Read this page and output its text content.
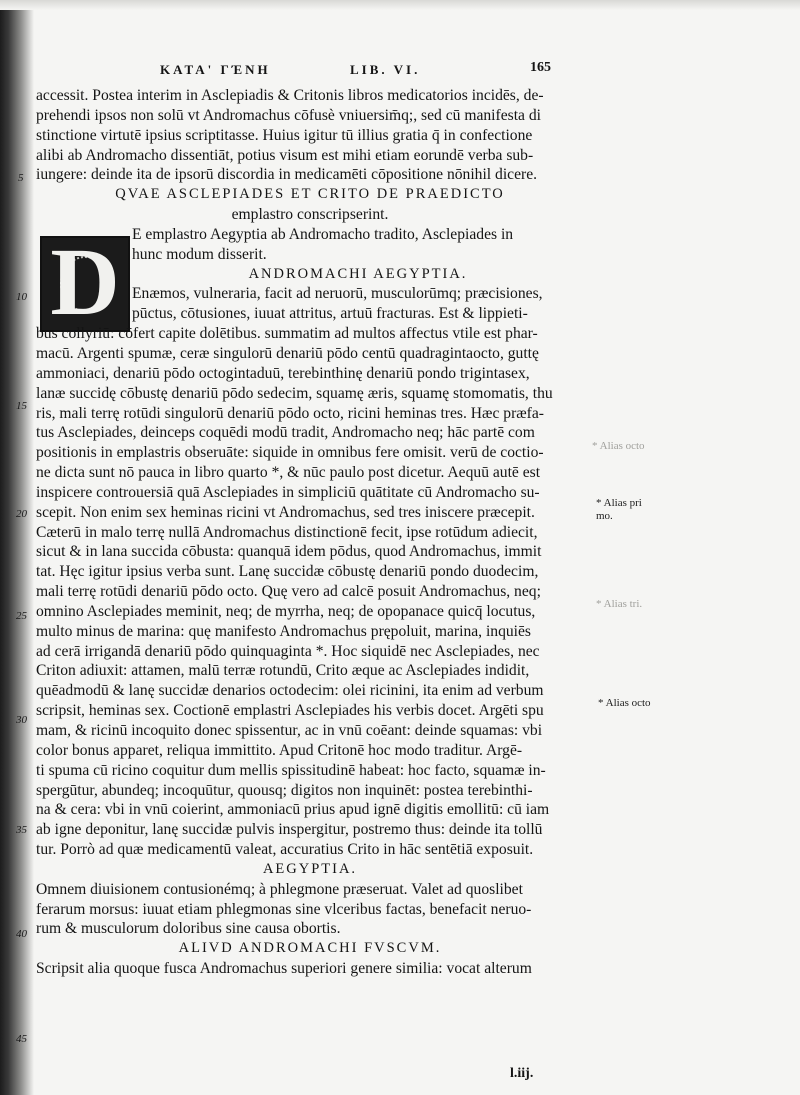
KATA' ΓΈΝΗ	LIB. VI.	165
D
accessit. Postea interim in Asclepiadis & Critonis libros medicatorios incidēs, de-
prehendi ipsos non solū vt Andromachus cōfusè vniuersim̄q;, sed cū manifesta di
stinctione virtutē ipsius scriptitasse. Huius igitur tū illius gratia q̄ in confectione
alibi ab Andromacho dissentiāt, potius visum est mihi etiam eorundē verba sub-
iungere: deinde ita de ipsorū discordia in medicamēti cōpositione nōnihil dicere.
QVAE ASCLEPIADES ET CRITO DE PRAEDICTO
emplastro conscripserint.
E emplastro Aegyptia ab Andromacho tradito, Asclepiades in
hunc modum disserit.
ANDROMACHI AEGYPTIA.
Enæmos, vulneraria, facit ad neruorū, musculorūmq; præcisiones,
pūctus, cōtusiones, iuuat attritus, artuū fracturas. Est & lippieti-
bus collyriū: cōfert capite dolētibus. summatim ad multos affectus vtile est phar-
macū. Argenti spumæ, ceræ singulorū denariū pōdo centū quadragintaocto, guttę
ammoniaci, denariū pōdo octogintaduū, terebinthinę denariū pondo trigintasex,
lanæ succidę cōbustę denariū pōdo sedecim, squamę æris, squamę stomomatis, thu
ris, mali terrę rotūdi singulorū denariū pōdo octo, ricini heminas tres. Hæc præfa-
tus Asclepiades, deinceps coquēdi modū tradit, Andromacho neq; hāc partē com
positionis in emplastris obseruāte: siquide in omnibus fere omisit. verū de coctio-
ne dicta sunt nō pauca in libro quarto *, & nūc paulo post dicetur. Aequū autē est
inspicere controuersiā quā Asclepiades in simpliciū quātitate cū Andromacho su-
scepit. Non enim sex heminas ricini vt Andromachus, sed tres iniscere præcepit.
Cæterū in malo terrę nullā Andromachus distinctionē fecit, ipse rotūdum adiecit,
sicut & in lana succida cōbusta: quanquā idem pōdus, quod Andromachus, immit
tat. Hęc igitur ipsius verba sunt. Lanę succidæ cōbustę denariū pondo duodecim,
mali terrę rotūdi denariū pōdo octo. Quę vero ad calcē posuit Andromachus, neq;
omnino Asclepiades meminit, neq; de myrrha, neq; de opopanace quicq̄ locutus,
multo minus de marina: quę manifesto Andromachus prępoluit, marina, inquiēs
ad cerā irrigandā denariū pōdo quinquaginta *. Hoc siquidē nec Asclepiades, nec
Criton adiuxit: attamen, malū terræ rotundū, Crito æque ac Asclepiades indidit,
quēadmodū & lanę succidæ denarios octodecim: olei ricinini, ita enim ad verbum
scripsit, heminas sex. Coctionē emplastri Asclepiades his verbis docet. Argēti spu
mam, & ricinū incoquito donec spissentur, ac in vnū coēant: deinde squamas: vbi
color bonus apparet, reliqua immittito. Apud Critonē hoc modo traditur. Argē-
ti spuma cū ricino coquitur dum mellis spissitudinē habeat: hoc facto, squamæ in-
spergūtur, abundeq; incoquūtur, quousq; digitos non inquinēt: postea terebinthi-
na & cera: vbi in vnū coierint, ammoniacū prius apud ignē digitis emollitū: cū iam
ab igne deponitur, lanę succidæ pulvis inspergitur, postremo thus: deinde ita tollū
tur. Porrò ad quæ medicamentū valeat, accuratius Crito in hāc sentētiā exposuit.
AEGYPTIA.
Omnem diuisionem contusionémq; à phlegmone præseruat. Valet ad quoslibet
ferarum morsus: iuuat etiam phlegmonas sine vlceribus factas, benefacit neruo-
rum & musculorum doloribus sine causa obortis.
ALIVD ANDROMACHI FVSCVM.
Scripsit alia quoque fusca Andromachus superiori genere similia: vocat alterum
5
10
15
20
25
30
35
40
45
* Alias octo
* Alias pri mo.
* Alias tri.
* Alias octo
l.iij.
